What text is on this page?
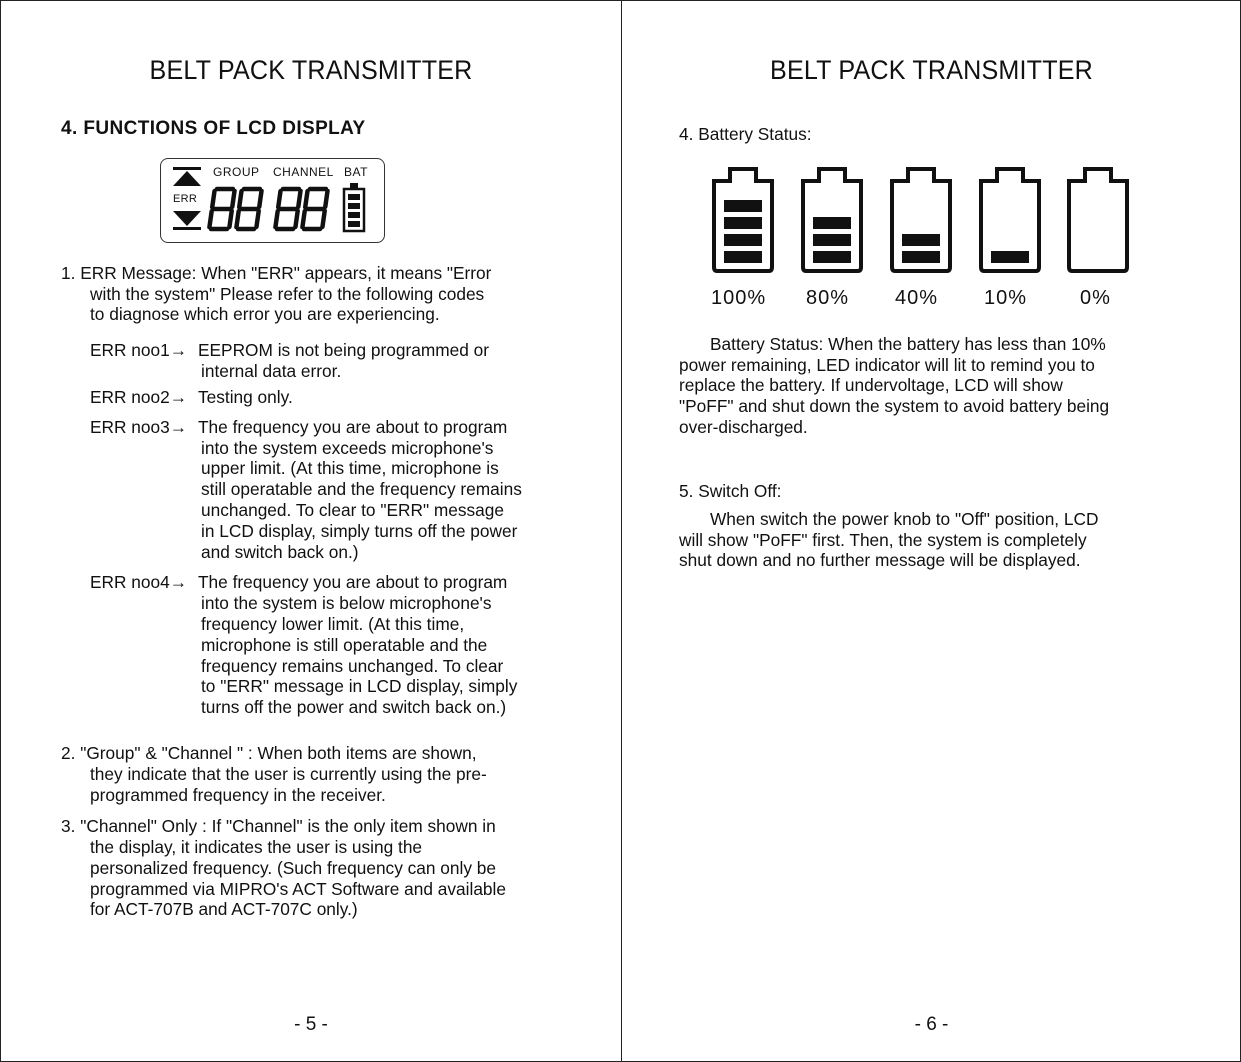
BELT PACK TRANSMITTER
4. FUNCTIONS OF LCD DISPLAY
GROUP CHANNEL BAT
ERR
1. ERR Message: When "ERR" appears, it means "Error
with the system" Please refer to the following codes
to diagnose which error you are experiencing.
ERR noo1→ EEPROM is not being programmed or
internal data error.
ERR noo2→ Testing only.
ERR noo3→ The frequency you are about to program
into the system exceeds microphone's
upper limit. (At this time, microphone is
still operatable and the frequency remains
unchanged. To clear to "ERR" message
in LCD display, simply turns off the power
and switch back on.)
ERR noo4→ The frequency you are about to program
into the system is below microphone's
frequency lower limit. (At this time,
microphone is still operatable and the
frequency remains unchanged. To clear
to "ERR" message in LCD display, simply
turns off the power and switch back on.)
2. "Group" & "Channel " : When both items are shown,
they indicate that the user is currently using the pre-
programmed frequency in the receiver.
3. "Channel" Only : If "Channel" is the only item shown in
the display, it indicates the user is using the
personalized frequency. (Such frequency can only be
programmed via MIPRO's ACT Software and available
for ACT-707B and ACT-707C only.)
- 5 -
BELT PACK TRANSMITTER
4. Battery Status:
100% 80% 40% 10%	0%
Battery Status: When the battery has less than 10%
power remaining, LED indicator will lit to remind you to
replace the battery. If undervoltage, LCD will show
"PoFF" and shut down the system to avoid battery being
over-discharged.
5. Switch Off:
When switch the power knob to "Off" position, LCD
will show "PoFF" first. Then, the system is completely
shut down and no further message will be displayed.
- 6 -
